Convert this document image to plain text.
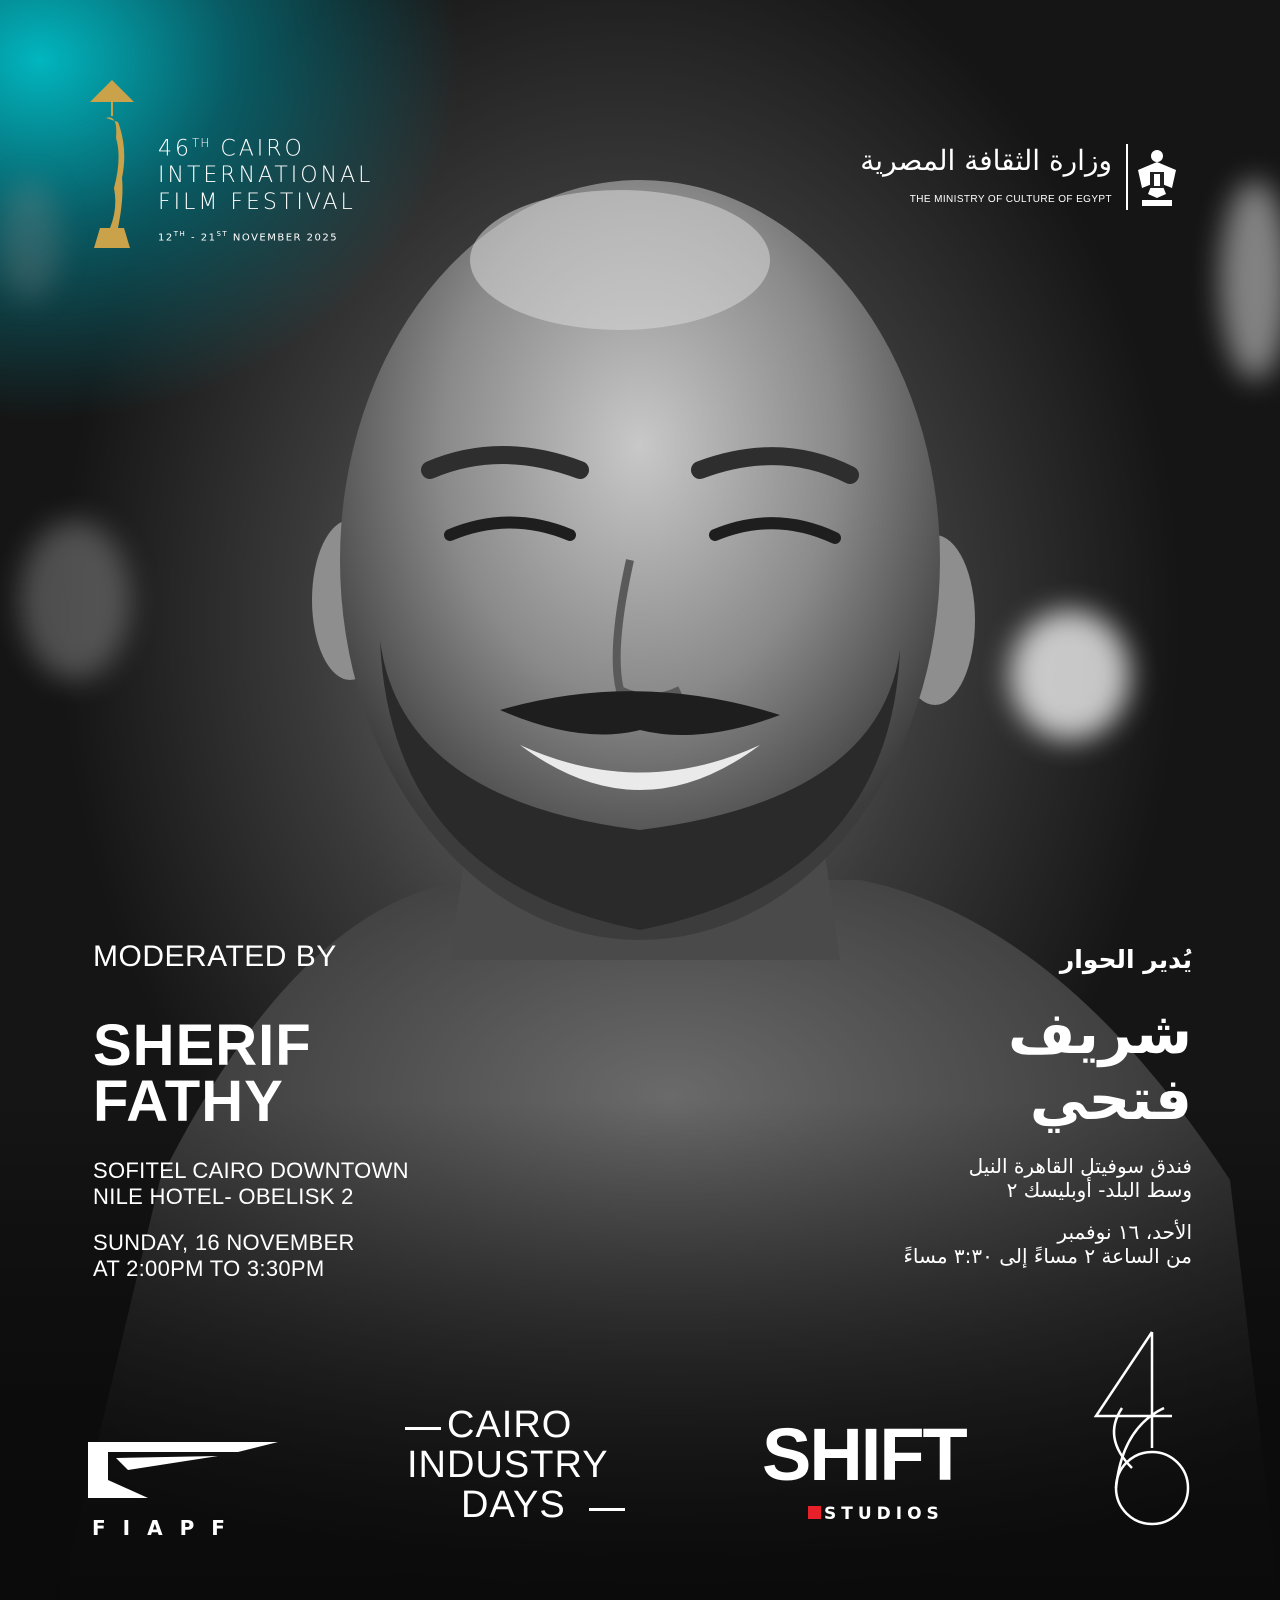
46TH CAIRO
INTERNATIONAL
FILM FESTIVAL
12TH - 21ST NOVEMBER 2025
وزارة الثقافة المصرية
THE MINISTRY OF CULTURE OF EGYPT
MODERATED BY
SHERIF
FATHY
SOFITEL CAIRO DOWNTOWN
NILE HOTEL- OBELISK 2
SUNDAY, 16 NOVEMBER
AT 2:00PM TO 3:30PM
يُدير الحوار
شريف
فتحي
فندق سوفيتل القاهرة النيل
وسط البلد- أوبليسك ٢
الأحد، ١٦ نوفمبر
من الساعة ٢ مساءً إلى ٣:٣٠ مساءً
FIAPF
CAIRO
INDUSTRY
DAYS
SHIFT
STUDIOS
